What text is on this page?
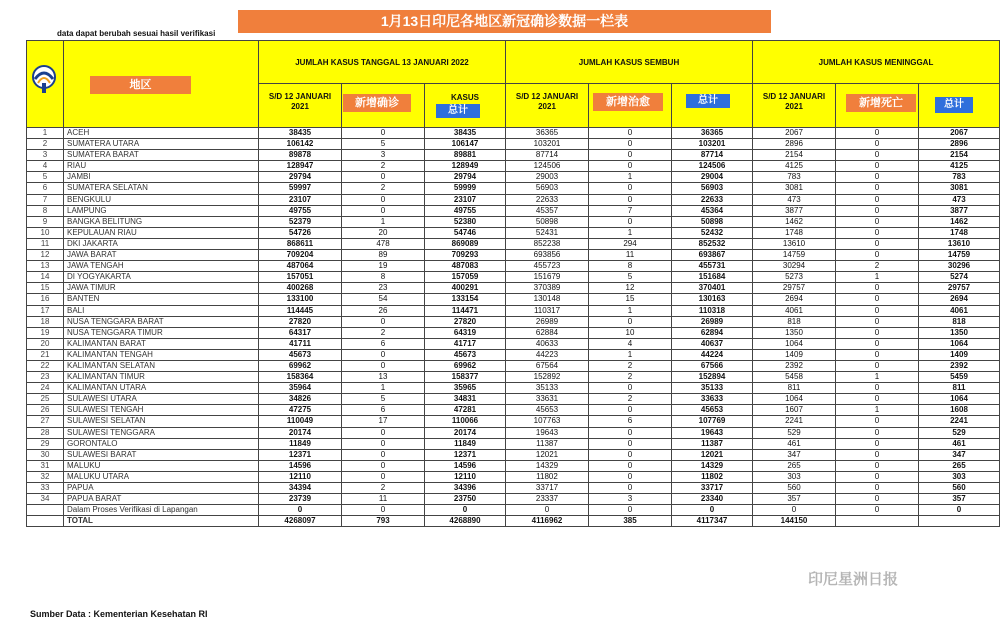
1月13日印尼各地区新冠确诊数据一栏表
data dapat berubah sesuai hasil verifikasi
		JUMLAH KASUS TANGGAL 13 JANUARI 2022			JUMLAH KASUS SEMBUH			JUMLAH KASUS MENINGGAL		
		S/D 12 JANUARI 2021		KASUS	S/D 12 JANUARI 2021			S/D 12 JANUARI 2021		
1	ACEH	38435	0	38435	36365	0	36365	2067	0	2067
2	SUMATERA UTARA	106142	5	106147	103201	0	103201	2896	0	2896
3	SUMATERA BARAT	89878	3	89881	87714	0	87714	2154	0	2154
4	RIAU	128947	2	128949	124506	0	124506	4125	0	4125
5	JAMBI	29794	0	29794	29003	1	29004	783	0	783
6	SUMATERA SELATAN	59997	2	59999	56903	0	56903	3081	0	3081
7	BENGKULU	23107	0	23107	22633	0	22633	473	0	473
8	LAMPUNG	49755	0	49755	45357	7	45364	3877	0	3877
9	BANGKA BELITUNG	52379	1	52380	50898	0	50898	1462	0	1462
10	KEPULAUAN RIAU	54726	20	54746	52431	1	52432	1748	0	1748
11	DKI JAKARTA	868611	478	869089	852238	294	852532	13610	0	13610
12	JAWA BARAT	709204	89	709293	693856	11	693867	14759	0	14759
13	JAWA TENGAH	487064	19	487083	455723	8	455731	30294	2	30296
14	DI YOGYAKARTA	157051	8	157059	151679	5	151684	5273	1	5274
15	JAWA TIMUR	400268	23	400291	370389	12	370401	29757	0	29757
16	BANTEN	133100	54	133154	130148	15	130163	2694	0	2694
17	BALI	114445	26	114471	110317	1	110318	4061	0	4061
18	NUSA TENGGARA BARAT	27820	0	27820	26989	0	26989	818	0	818
19	NUSA TENGGARA TIMUR	64317	2	64319	62884	10	62894	1350	0	1350
20	KALIMANTAN BARAT	41711	6	41717	40633	4	40637	1064	0	1064
21	KALIMANTAN TENGAH	45673	0	45673	44223	1	44224	1409	0	1409
22	KALIMANTAN SELATAN	69962	0	69962	67564	2	67566	2392	0	2392
23	KALIMANTAN TIMUR	158364	13	158377	152892	2	152894	5458	1	5459
24	KALIMANTAN UTARA	35964	1	35965	35133	0	35133	811	0	811
25	SULAWESI UTARA	34826	5	34831	33631	2	33633	1064	0	1064
26	SULAWESI TENGAH	47275	6	47281	45653	0	45653	1607	1	1608
27	SULAWESI SELATAN	110049	17	110066	107763	6	107769	2241	0	2241
28	SULAWESI TENGGARA	20174	0	20174	19643	0	19643	529	0	529
29	GORONTALO	11849	0	11849	11387	0	11387	461	0	461
30	SULAWESI BARAT	12371	0	12371	12021	0	12021	347	0	347
31	MALUKU	14596	0	14596	14329	0	14329	265	0	265
32	MALUKU UTARA	12110	0	12110	11802	0	11802	303	0	303
33	PAPUA	34394	2	34396	33717	0	33717	560	0	560
34	PAPUA BARAT	23739	11	23750	23337	3	23340	357	0	357
	Dalam Proses Verifikasi di Lapangan	0	0	0	0	0	0	0	0	0
	TOTAL	4268097	793	4268890	4116962	385	4117347	144150		
地区
新增确诊
总计
新增治愈	总计	新增死亡	总计
Sumber Data : Kementerian Kesehatan RI
印尼星洲日报
